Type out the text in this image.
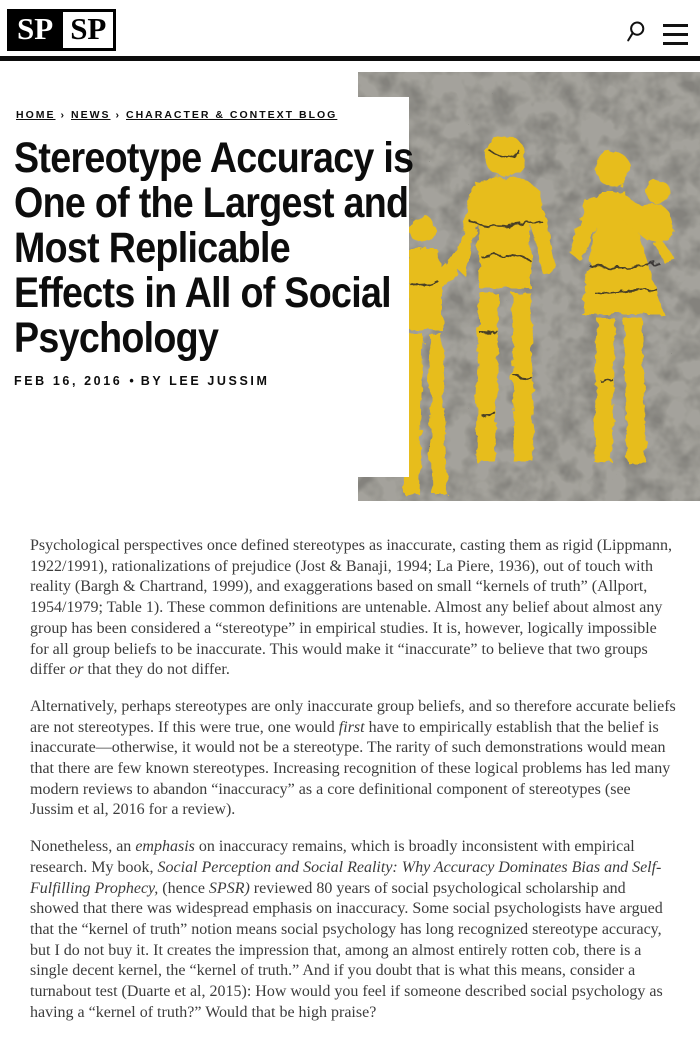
SP SP
HOME › NEWS › CHARACTER & CONTEXT BLOG
Stereotype Accuracy is One of the Largest and Most Replicable Effects in All of Social Psychology
FEB 16, 2016 • BY LEE JUSSIM

Psychological perspectives once defined stereotypes as inaccurate, casting them as rigid (Lippmann, 1922/1991), rationalizations of prejudice (Jost & Banaji, 1994; La Piere, 1936), out of touch with reality (Bargh & Chartrand, 1999), and exaggerations based on small “kernels of truth” (Allport, 1954/1979; Table 1). These common definitions are untenable. Almost any belief about almost any group has been considered a “stereotype” in empirical studies. It is, however, logically impossible for all group beliefs to be inaccurate. This would make it “inaccurate” to believe that two groups differ or that they do not differ.

Alternatively, perhaps stereotypes are only inaccurate group beliefs, and so therefore accurate beliefs are not stereotypes. If this were true, one would first have to empirically establish that the belief is inaccurate—otherwise, it would not be a stereotype. The rarity of such demonstrations would mean that there are few known stereotypes. Increasing recognition of these logical problems has led many modern reviews to abandon “inaccuracy” as a core definitional component of stereotypes (see Jussim et al, 2016 for a review).

Nonetheless, an emphasis on inaccuracy remains, which is broadly inconsistent with empirical research. My book, Social Perception and Social Reality: Why Accuracy Dominates Bias and Self-Fulfilling Prophecy, (hence SPSR) reviewed 80 years of social psychological scholarship and showed that there was widespread emphasis on inaccuracy. Some social psychologists have argued that the “kernel of truth” notion means social psychology has long recognized stereotype accuracy, but I do not buy it. It creates the impression that, among an almost entirely rotten cob, there is a single decent kernel, the “kernel of truth.” And if you doubt that is what this means, consider a turnabout test (Duarte et al, 2015): How would you feel if someone described social psychology as having a “kernel of truth?” Would that be high praise?
